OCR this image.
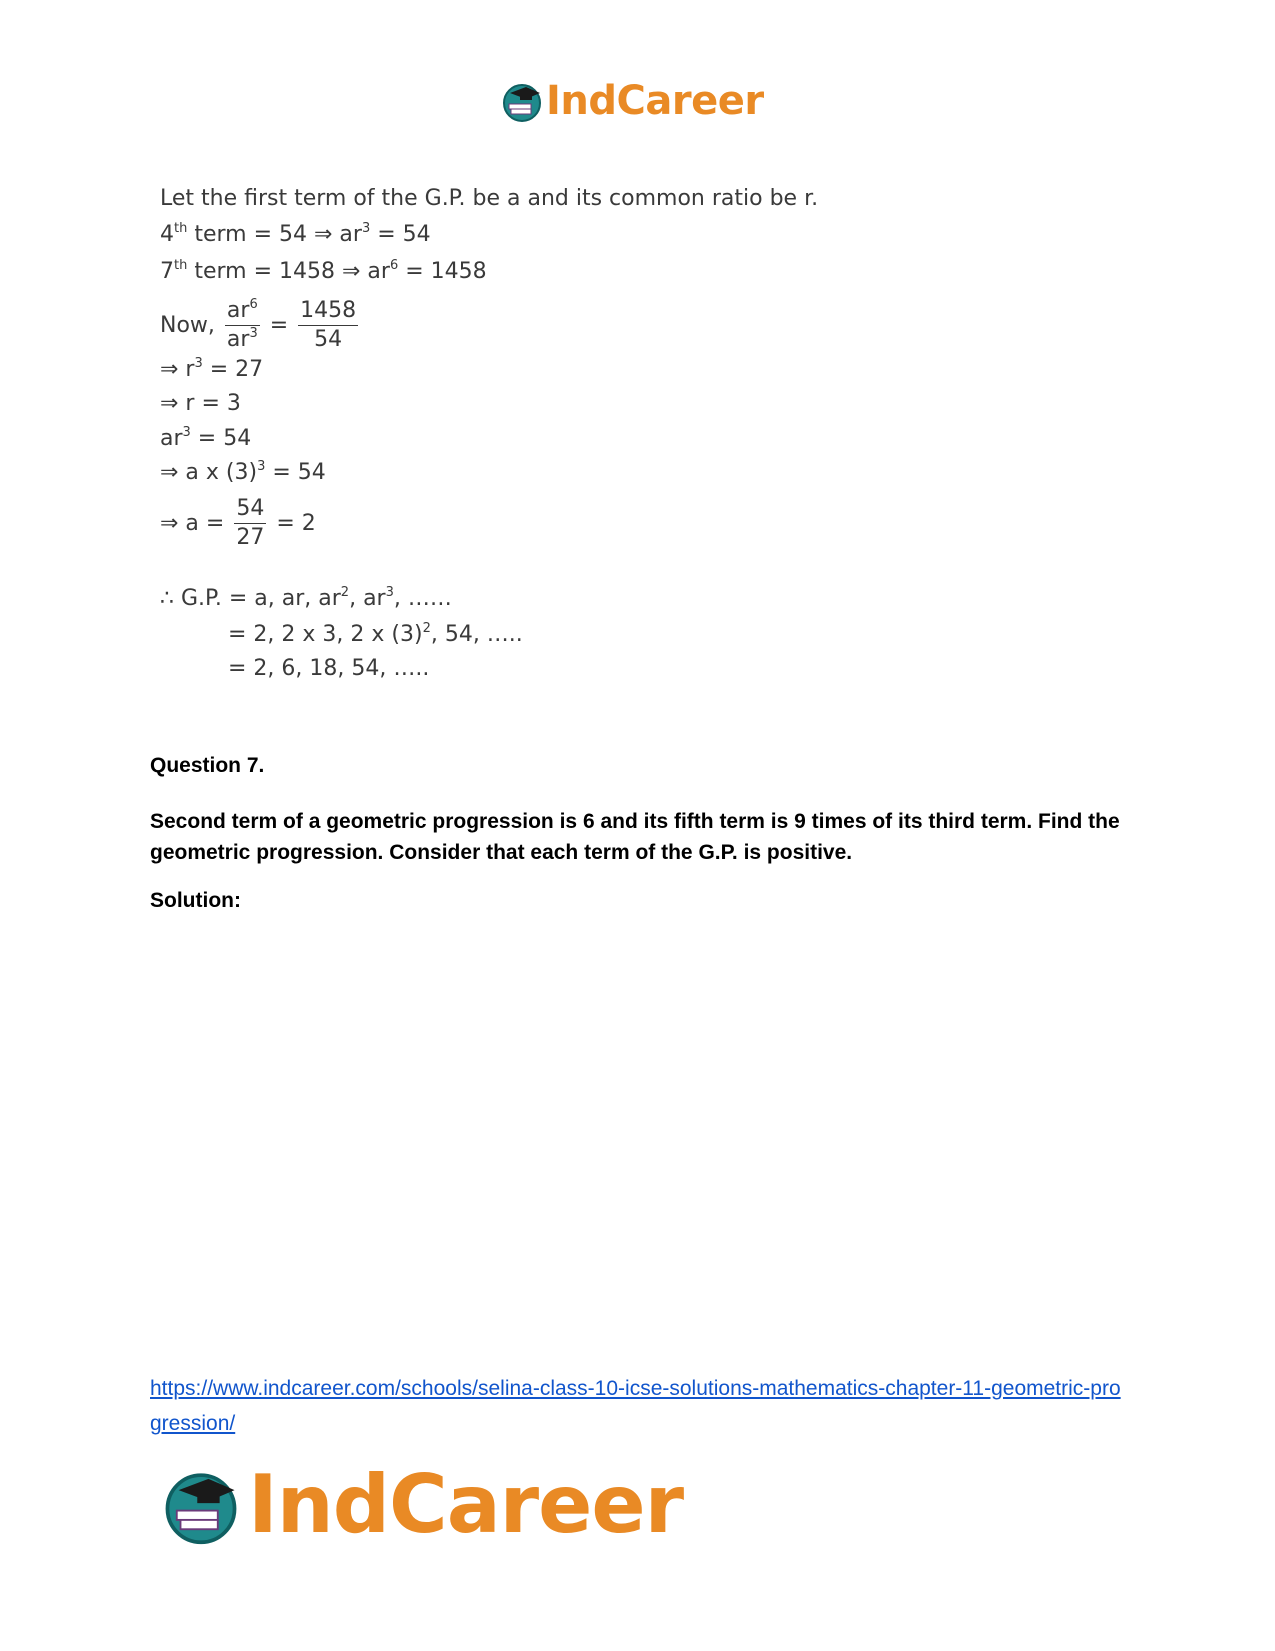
IndCareer
Let the first term of the G.P. be a and its common ratio be r.
4th term = 54 ⇒ $ar^3 = 54$
7th term = 1458 ⇒ $ar^6 = 1458$
Now, $\frac{ar^6}{ar^3} = \frac{1458}{54}$
⇒ $r^3 = 27$
⇒ r = 3
$ar^3 = 54$
⇒ a x $(3)^3 = 54$
⇒ $a = \frac{54}{27} = 2$
∴ G.P. = a, ar, $ar^2$, $ar^3$, ……
= 2, 2 x 3, 2 x $(3)^2$, 54, …..
= 2, 6, 18, 54, …..
Question 7.
Second term of a geometric progression is 6 and its fifth term is 9 times of its third term. Find the geometric progression. Consider that each term of the G.P. is positive.
Solution:
https://www.indcareer.com/schools/selina-class-10-icse-solutions-mathematics-chapter-11-geometric-progression/
IndCareer
